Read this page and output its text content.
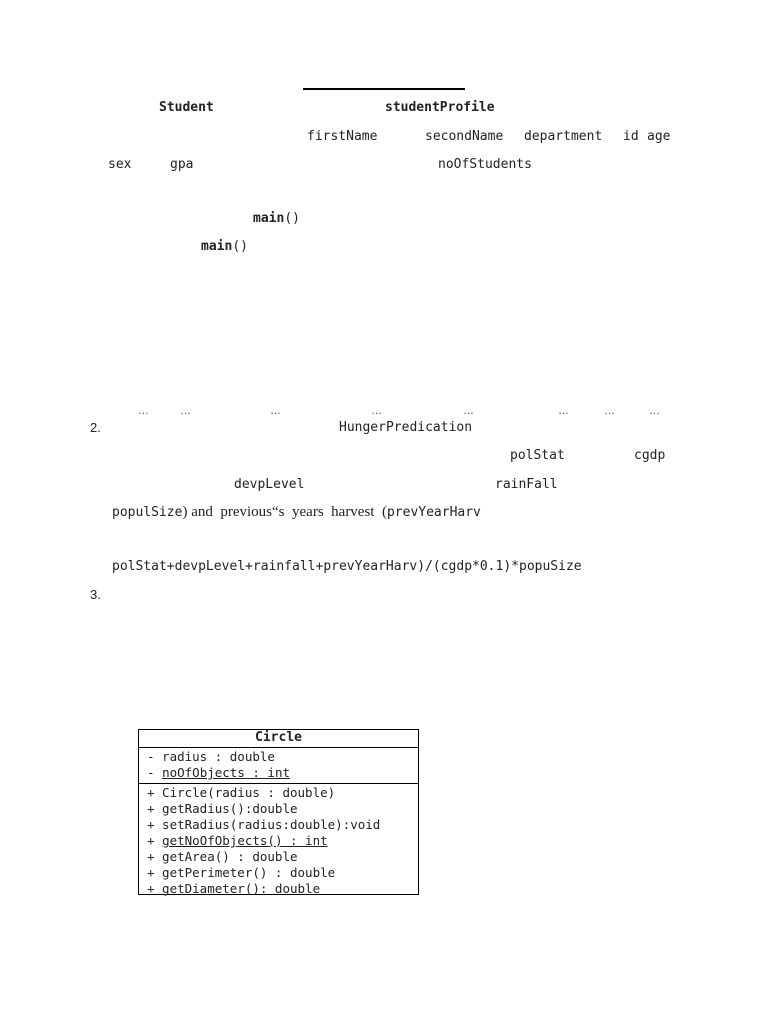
Student	studentProfile
firstName	secondName department id age
sex	gpa	noOfStudents
main()
main()
…	…	…	…	…	…	…	…
2.	HungerPredication
polStat	cgdp
devpLevel	rainFall
populSize) and  previous“s  years  harvest  (prevYearHarv
polStat+devpLevel+rainfall+prevYearHarv)/(cgdp*0.1)*popuSize
3.
Circle
- radius : double
- noOfObjects : int
+ Circle(radius : double)
+ getRadius():double
+ setRadius(radius:double):void
+ getNoOfObjects() : int
+ getArea() : double
+ getPerimeter() : double
+ getDiameter(): double
